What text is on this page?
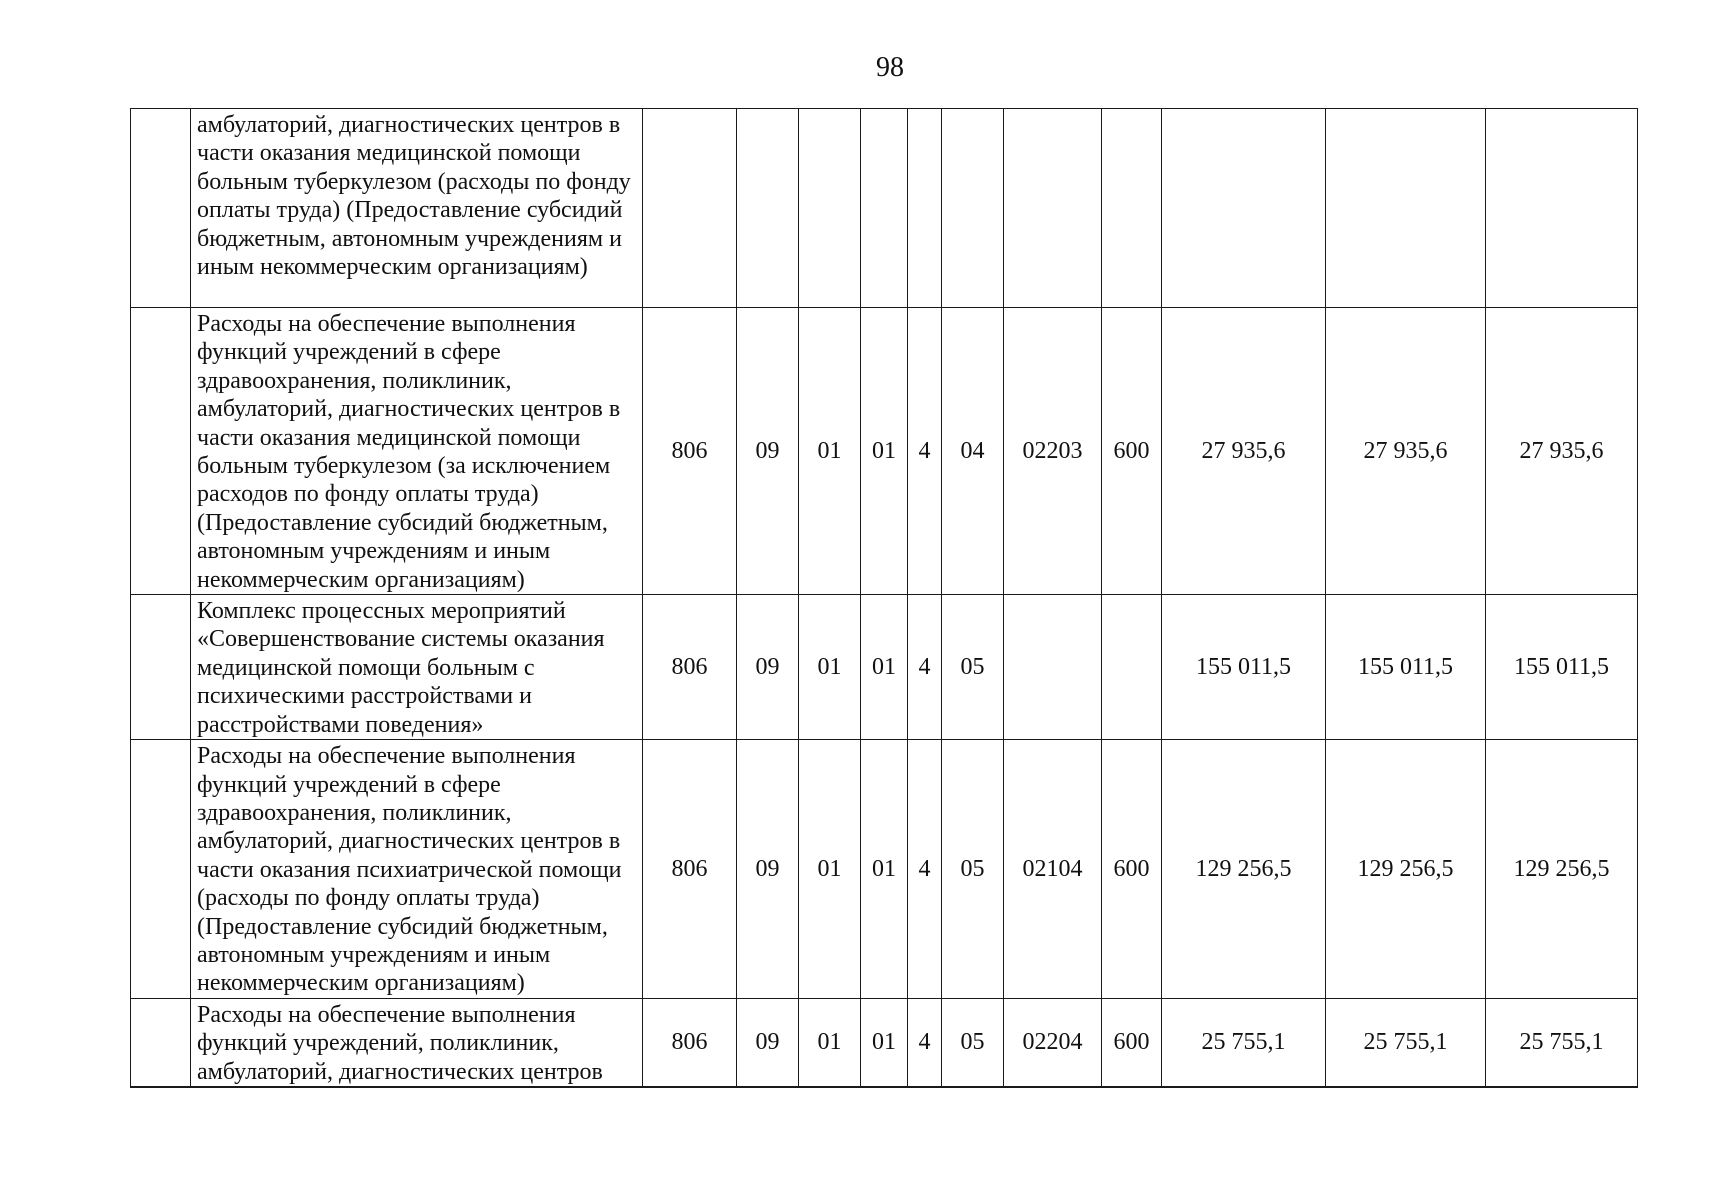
98
	амбулаторий, диагностических центров в части оказания медицинской помощи больным туберкулезом (расходы по фонду оплаты труда) (Предоставление субсидий бюджетным, автономным учреждениям и иным некоммерческим организациям)											
	Расходы на обеспечение выполнения функций учреждений в сфере здравоохранения, поликлиник, амбулаторий, диагностических центров в части оказания медицинской помощи больным туберкулезом (за исключением расходов по фонду оплаты труда) (Предоставление субсидий бюджетным, автономным учреждениям и иным некоммерческим организациям)	806	09	01	01	4	04	02203	600	27 935,6	27 935,6	27 935,6
	Комплекс процессных мероприятий «Совершенствование системы оказания медицинской помощи больным с психическими расстройствами и расстройствами поведения»	806	09	01	01	4	05			155 011,5	155 011,5	155 011,5
	Расходы на обеспечение выполнения функций учреждений в сфере здравоохранения, поликлиник, амбулаторий, диагностических центров в части оказания психиатрической помощи (расходы по фонду оплаты труда) (Предоставление субсидий бюджетным, автономным учреждениям и иным некоммерческим организациям)	806	09	01	01	4	05	02104	600	129 256,5	129 256,5	129 256,5
	Расходы на обеспечение выполнения функций учреждений, поликлиник, амбулаторий, диагностических центров	806	09	01	01	4	05	02204	600	25 755,1	25 755,1	25 755,1
